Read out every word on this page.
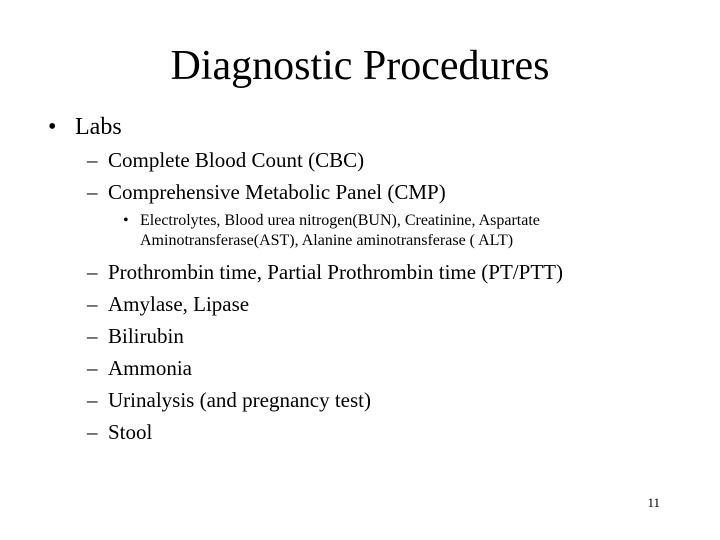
Diagnostic Procedures
• Labs
– Complete Blood Count (CBC)
– Comprehensive Metabolic Panel (CMP)
• Electrolytes, Blood urea nitrogen(BUN), Creatinine, Aspartate Aminotransferase(AST), Alanine aminotransferase ( ALT)
– Prothrombin time, Partial Prothrombin time (PT/PTT)
– Amylase, Lipase
– Bilirubin
– Ammonia
– Urinalysis (and pregnancy test)
– Stool
11
